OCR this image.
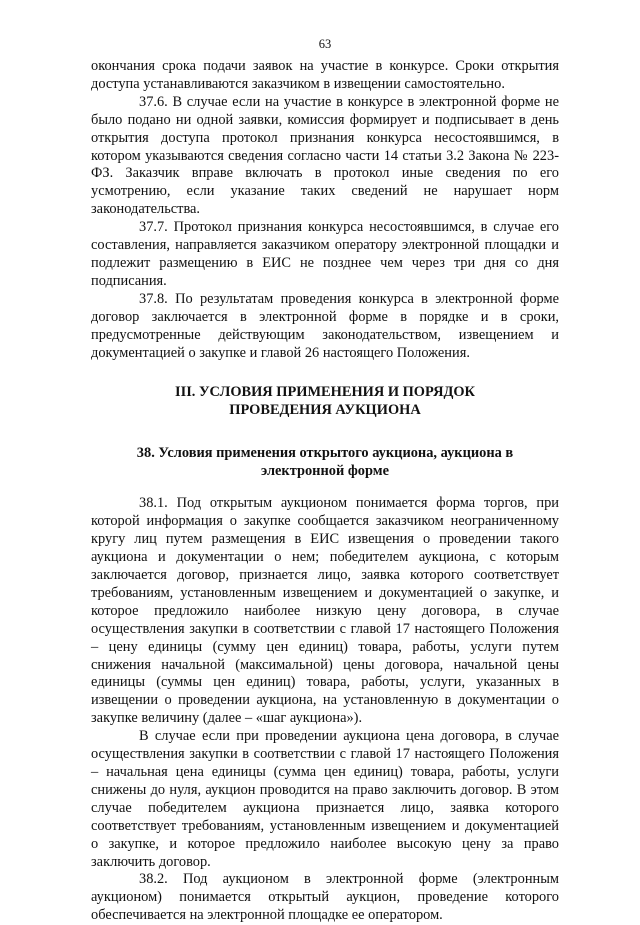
63

окончания срока подачи заявок на участие в конкурсе. Сроки открытия доступа устанавливаются заказчиком в извещении самостоятельно.

37.6. В случае если на участие в конкурсе в электронной форме не было подано ни одной заявки, комиссия формирует и подписывает в день открытия доступа протокол признания конкурса несостоявшимся, в котором указываются сведения согласно части 14 статьи 3.2 Закона № 223-ФЗ. Заказчик вправе включать в протокол иные сведения по его усмотрению, если указание таких сведений не нарушает норм законодательства.

37.7. Протокол признания конкурса несостоявшимся, в случае его составления, направляется заказчиком оператору электронной площадки и подлежит размещению в ЕИС не позднее чем через три дня со дня подписания.

37.8. По результатам проведения конкурса в электронной форме договор заключается в электронной форме в порядке и в сроки, предусмотренные действующим законодательством, извещением и документацией о закупке и главой 26 настоящего Положения.

III. УСЛОВИЯ ПРИМЕНЕНИЯ И ПОРЯДОК ПРОВЕДЕНИЯ АУКЦИОНА
38. Условия применения открытого аукциона, аукциона в электронной форме

38.1. Под открытым аукционом понимается форма торгов, при которой информация о закупке сообщается заказчиком неограниченному кругу лиц путем размещения в ЕИС извещения о проведении такого аукциона и документации о нем; победителем аукциона, с которым заключается договор, признается лицо, заявка которого соответствует требованиям, установленным извещением и документацией о закупке, и которое предложило наиболее низкую цену договора, в случае осуществления закупки в соответствии с главой 17 настоящего Положения – цену единицы (сумму цен единиц) товара, работы, услуги путем снижения начальной (максимальной) цены договора, начальной цены единицы (суммы цен единиц) товара, работы, услуги, указанных в извещении о проведении аукциона, на установленную в документации о закупке величину (далее – «шаг аукциона»).

В случае если при проведении аукциона цена договора, в случае осуществления закупки в соответствии с главой 17 настоящего Положения – начальная цена единицы (сумма цен единиц) товара, работы, услуги снижены до нуля, аукцион проводится на право заключить договор. В этом случае победителем аукциона признается лицо, заявка которого соответствует требованиям, установленным извещением и документацией о закупке, и которое предложило наиболее высокую цену за право заключить договор.

38.2. Под аукционом в электронной форме (электронным аукционом) понимается открытый аукцион, проведение которого обеспечивается на электронной площадке ее оператором.
